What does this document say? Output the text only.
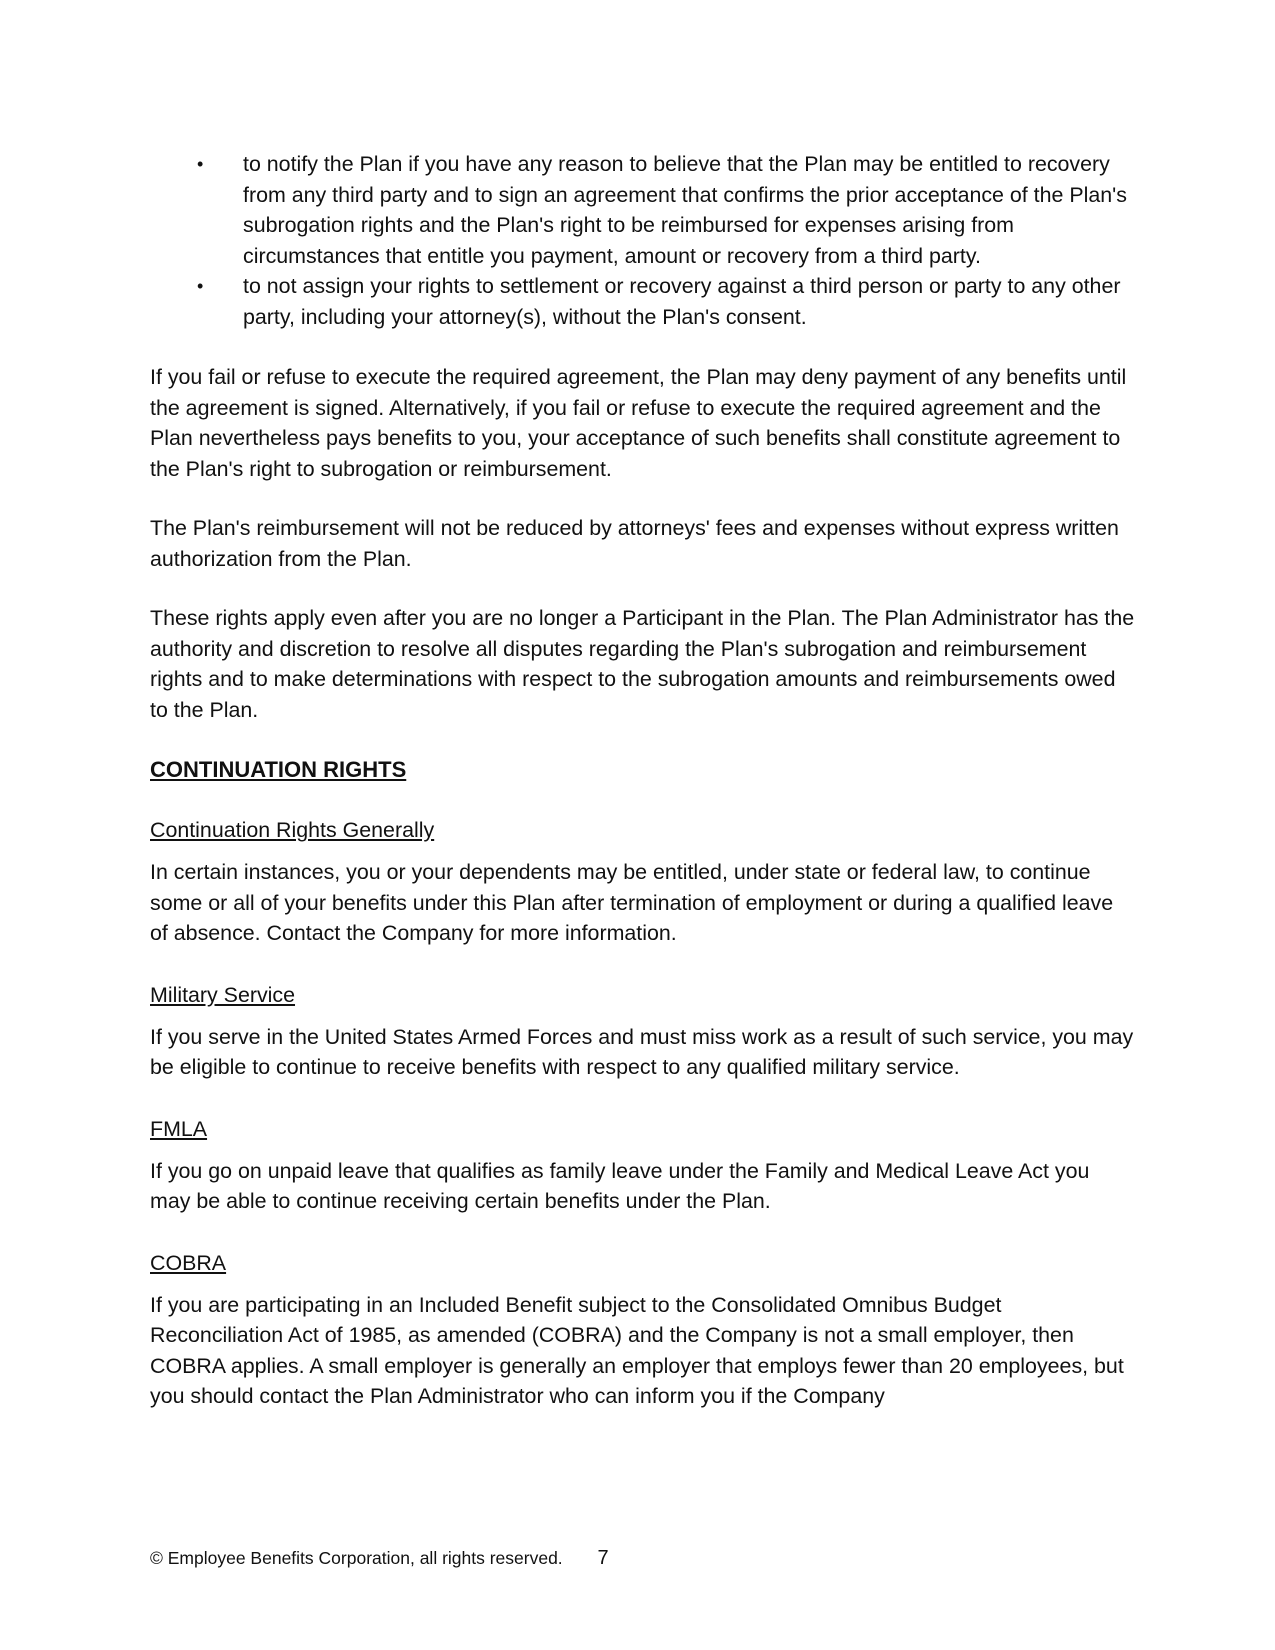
• to notify the Plan if you have any reason to believe that the Plan may be entitled to recovery from any third party and to sign an agreement that confirms the prior acceptance of the Plan's subrogation rights and the Plan's right to be reimbursed for expenses arising from circumstances that entitle you payment, amount or recovery from a third party.
• to not assign your rights to settlement or recovery against a third person or party to any other party, including your attorney(s), without the Plan's consent.

If you fail or refuse to execute the required agreement, the Plan may deny payment of any benefits until the agreement is signed. Alternatively, if you fail or refuse to execute the required agreement and the Plan nevertheless pays benefits to you, your acceptance of such benefits shall constitute agreement to the Plan's right to subrogation or reimbursement.

The Plan's reimbursement will not be reduced by attorneys' fees and expenses without express written authorization from the Plan.

These rights apply even after you are no longer a Participant in the Plan. The Plan Administrator has the authority and discretion to resolve all disputes regarding the Plan's subrogation and reimbursement rights and to make determinations with respect to the subrogation amounts and reimbursements owed to the Plan.

CONTINUATION RIGHTS
Continuation Rights Generally

In certain instances, you or your dependents may be entitled, under state or federal law, to continue some or all of your benefits under this Plan after termination of employment or during a qualified leave of absence. Contact the Company for more information.

Military Service

If you serve in the United States Armed Forces and must miss work as a result of such service, you may be eligible to continue to receive benefits with respect to any qualified military service.

FMLA

If you go on unpaid leave that qualifies as family leave under the Family and Medical Leave Act you may be able to continue receiving certain benefits under the Plan.

COBRA

If you are participating in an Included Benefit subject to the Consolidated Omnibus Budget Reconciliation Act of 1985, as amended (COBRA) and the Company is not a small employer, then COBRA applies. A small employer is generally an employer that employs fewer than 20 employees, but you should contact the Plan Administrator who can inform you if the Company

© Employee Benefits Corporation, all rights reserved. 7
